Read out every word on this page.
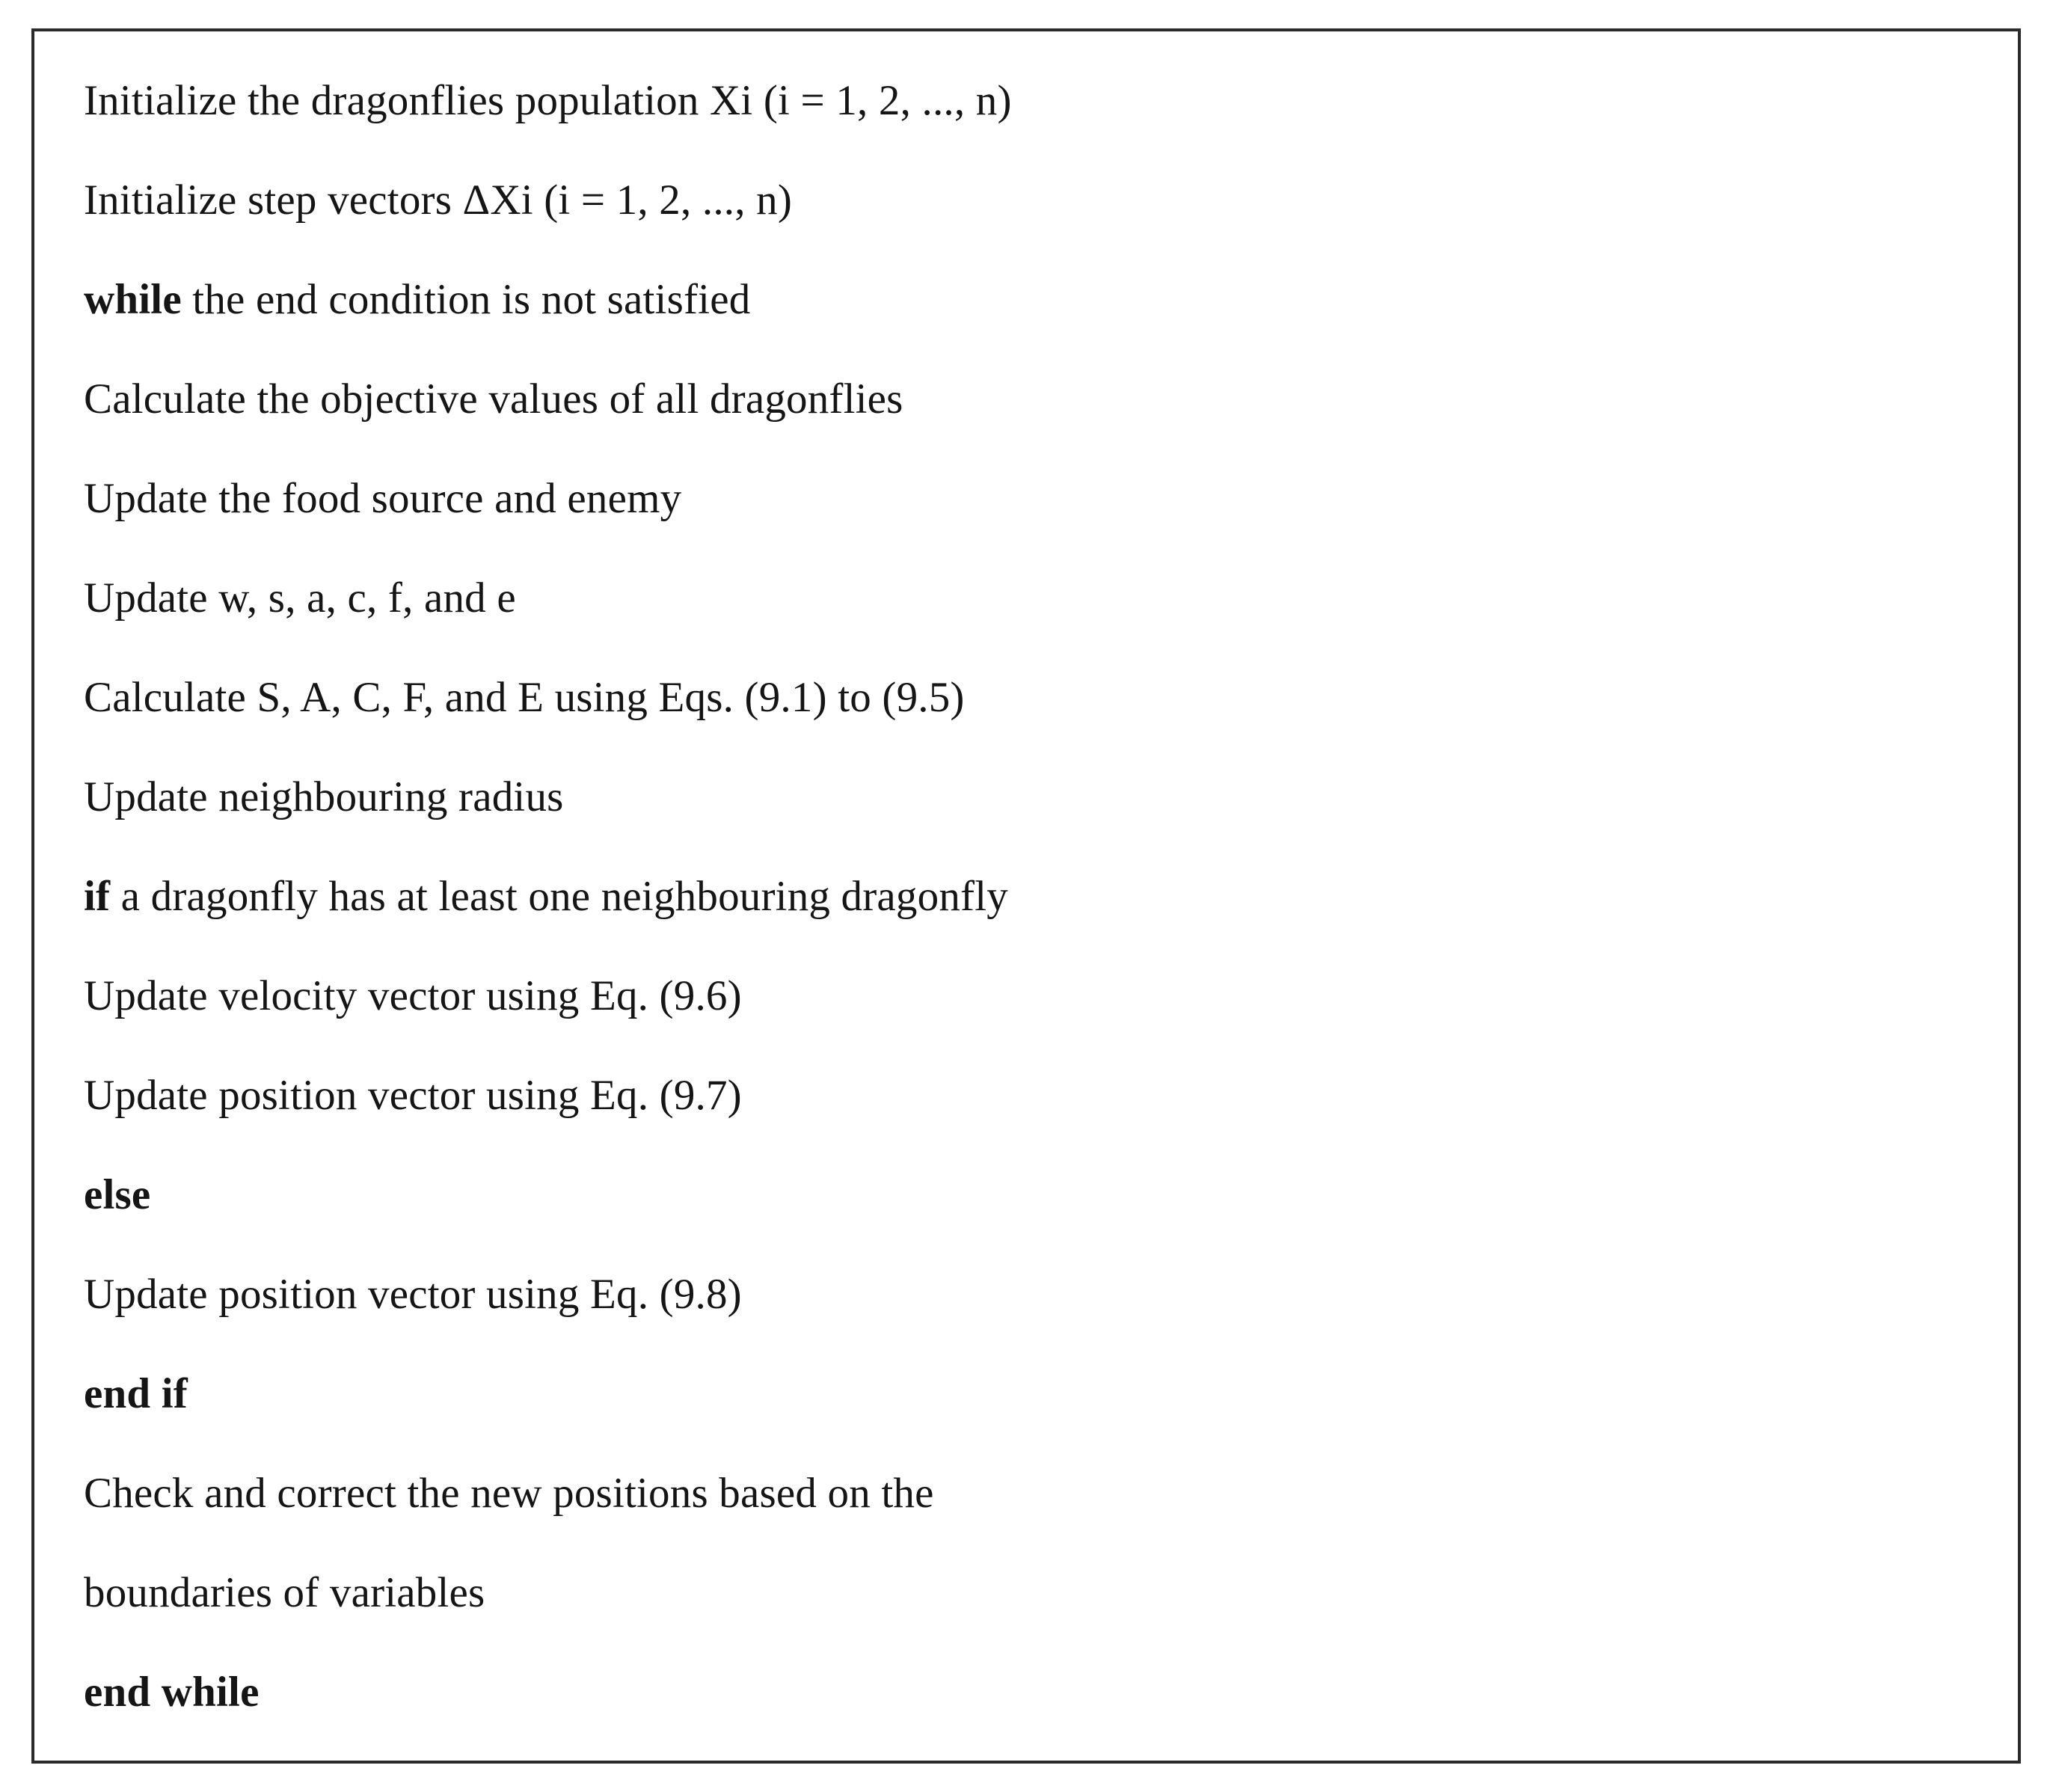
Initialize the dragonflies population Xi (i = 1, 2, ..., n)
Initialize step vectors ΔXi (i = 1, 2, ..., n)
while the end condition is not satisfied
Calculate the objective values of all dragonflies
Update the food source and enemy
Update w, s, a, c, f, and e
Calculate S, A, C, F, and E using Eqs. (9.1) to (9.5)
Update neighbouring radius
if a dragonfly has at least one neighbouring dragonfly
Update velocity vector using Eq. (9.6)
Update position vector using Eq. (9.7)
else
Update position vector using Eq. (9.8)
end if
Check and correct the new positions based on the
boundaries of variables
end while
